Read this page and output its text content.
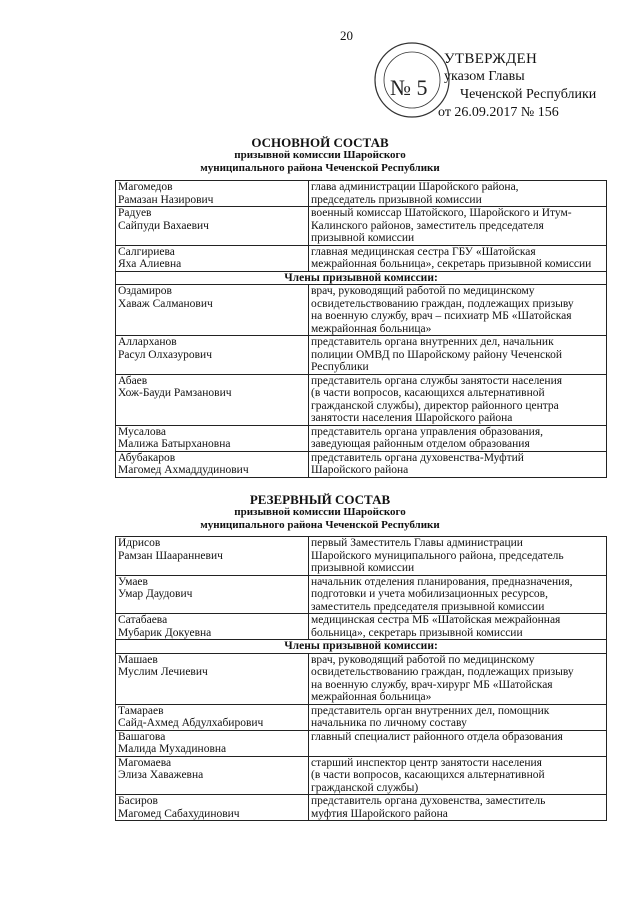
20
№ 5
УТВЕРЖДЕН
указом Главы
Чеченской Республики
от 26.09.2017 № 156
ОСНОВНОЙ СОСТАВ
призывной комиссии Шаройского
муниципального района Чеченской Республики
Магомедов
Рамазан Назирович	глава администрации Шаройского района,
председатель призывной комиссии

Радуев
Сайпуди Вахаевич	военный комиссар Шатойского, Шаройского и Итум-
Калинского районов, заместитель председателя
призывной комиссии

Салгириева
Яха Алиевна	главная медицинская сестра ГБУ «Шатойская
межрайонная больница», секретарь призывной комиссии

Члены призывной комиссии:	

Оздамиров
Хаваж Салманович	врач, руководящий работой по медицинскому
освидетельствованию граждан, подлежащих призыву
на военную службу, врач – психиатр МБ «Шатойская
межрайонная больница»

Алларханов
Расул Олхазурович	представитель органа внутренних дел, начальник
полиции ОМВД по Шаройскому району Чеченской
Республики

Абаев
Хож-Бауди Рамзанович	представитель органа службы занятости населения
(в части вопросов, касающихся альтернативной
гражданской службы), директор районного центра
занятости населения Шаройского района

Мусалова
Малижа Батырхановна	представитель органа управления образования,
заведующая районным отделом образования

Абубакаров
Магомед Ахмаддудинович	представитель органа духовенства-Муфтий
Шаройского района
РЕЗЕРВНЫЙ СОСТАВ
призывной комиссии Шаройского
муниципального района Чеченской Республики
Идрисов
Рамзан Шааранневич	первый Заместитель Главы администрации
Шаройского муниципального района, председатель
призывной комиссии

Умаев
Умар Даудович	начальник отделения планирования, предназначения,
подготовки и учета мобилизационных ресурсов,
заместитель председателя призывной комиссии

Сатабаева
Мубарик Докуевна	медицинская сестра МБ «Шатойская межрайонная
больница», секретарь призывной комиссии

Члены призывной комиссии:	

Машаев
Муслим Лечиевич	врач, руководящий работой по медицинскому
освидетельствованию граждан, подлежащих призыву
на военную службу, врач-хирург МБ «Шатойская
межрайонная больница»

Тамараев
Сайд-Ахмед Абдулхабирович	представитель орган внутренних дел, помощник
начальника по личному составу

Вашагова
Малида Мухадиновна	главный специалист районного отдела образования

Магомаева
Элиза Хаважевна	старший инспектор центр занятости населения
(в части вопросов, касающихся альтернативной
гражданской службы)

Басиров
Магомед Сабахудинович	представитель органа духовенства, заместитель
муфтия Шаройского района
